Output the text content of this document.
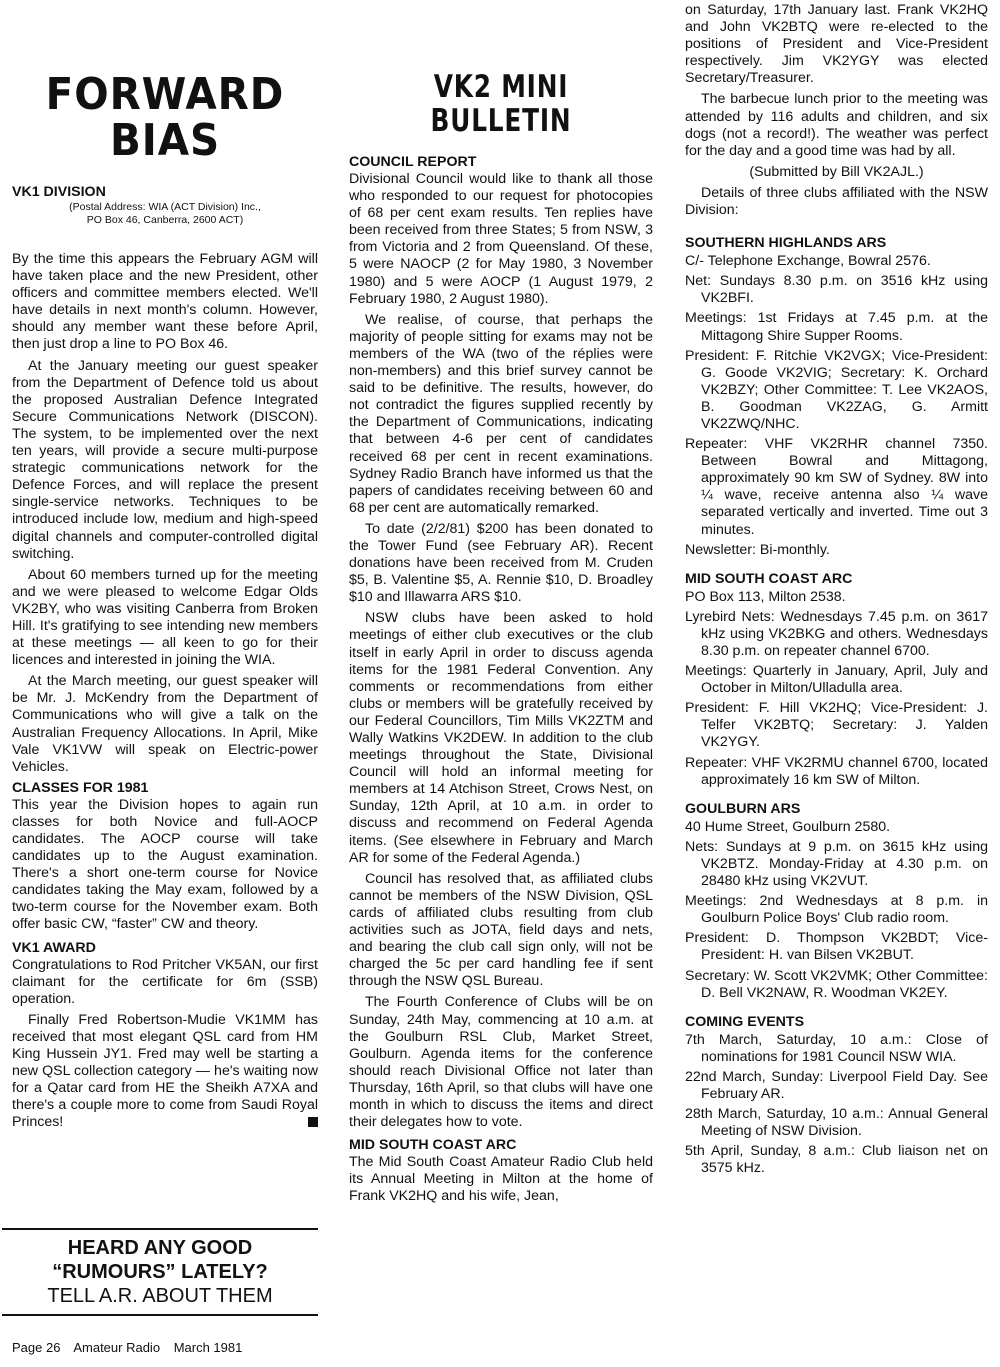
FORWARD
BIAS
VK1 DIVISION

(Postal Address: WIA (ACT Division) Inc.,

PO Box 46, Canberra, 2600 ACT)

By the time this appears the February AGM will have taken place and the new President, other officers and committee members elected. We'll have details in next month's column. However, should any member want these before April, then just drop a line to PO Box 46.

At the January meeting our guest speaker from the Department of Defence told us about the proposed Australian Defence Integrated Secure Communications Network (DISCON). The system, to be implemented over the next ten years, will provide a secure multi-purpose strategic communications network for the Defence Forces, and will replace the present single-service networks. Techniques to be introduced include low, medium and high-speed digital channels and computer-controlled digital switching.

About 60 members turned up for the meeting and we were pleased to welcome Edgar Olds VK2BY, who was visiting Canberra from Broken Hill. It's gratifying to see intending new members at these meetings — all keen to go for their licences and interested in joining the WIA.

At the March meeting, our guest speaker will be Mr. J. McKendry from the Department of Communications who will give a talk on the Australian Frequency Allocations. In April, Mike Vale VK1VW will speak on Electric-power Vehicles.

CLASSES FOR 1981

This year the Division hopes to again run classes for both Novice and full-AOCP candidates. The AOCP course will take candidates up to the August examination. There's a short one-term course for Novice candidates taking the May exam, followed by a two-term course for the November exam. Both offer basic CW, “faster” CW and theory.

VK1 AWARD

Congratulations to Rod Pritcher VK5AN, our first claimant for the certificate for 6m (SSB) operation.

Finally Fred Robertson-Mudie VK1MM has received that most elegant QSL card from HM King Hussein JY1. Fred may well be starting a new QSL collection category — he's waiting now for a Qatar card from HE the Sheikh A7XA and there's a couple more to come from Saudi Royal Princes!

HEARD ANY GOOD
“RUMOURS” LATELY?
TELL A.R. ABOUT THEM
VK2 MINI BULLETIN
COUNCIL REPORT

Divisional Council would like to thank all those who responded to our request for photocopies of 68 per cent exam results. Ten replies have been received from three States; 5 from NSW, 3 from Victoria and 2 from Queensland. Of these, 5 were NAOCP (2 for May 1980, 3 November 1980) and 5 were AOCP (1 August 1979, 2 February 1980, 2 August 1980).

We realise, of course, that perhaps the majority of people sitting for exams may not be members of the WA (two of the réplies were non-members) and this brief survey cannot be said to be definitive. The results, however, do not contradict the figures supplied recently by the Department of Communications, indicating that between 4-6 per cent of candidates received 68 per cent in recent examinations. Sydney Radio Branch have informed us that the papers of candidates receiving between 60 and 68 per cent are automatically remarked.

To date (2/2/81) $200 has been donated to the Tower Fund (see February AR). Recent donations have been received from M. Cruden $5, B. Valentine $5, A. Rennie $10, D. Broadley $10 and Illawarra ARS $10.

NSW clubs have been asked to hold meetings of either club executives or the club itself in early April in order to discuss agenda items for the 1981 Federal Convention. Any comments or recommendations from either clubs or members will be gratefully received by our Federal Councillors, Tim Mills VK2ZTM and Wally Watkins VK2DEW. In addition to the club meetings throughout the State, Divisional Council will hold an informal meeting for members at 14 Atchison Street, Crows Nest, on Sunday, 12th April, at 10 a.m. in order to discuss and recommend on Federal Agenda items. (See elsewhere in February and March AR for some of the Federal Agenda.)

Council has resolved that, as affiliated clubs cannot be members of the NSW Division, QSL cards of affiliated clubs resulting from club activities such as JOTA, field days and nets, and bearing the club call sign only, will not be charged the 5c per card handling fee if sent through the NSW QSL Bureau.

The Fourth Conference of Clubs will be on Sunday, 24th May, commencing at 10 a.m. at the Goulburn RSL Club, Market Street, Goulburn. Agenda items for the conference should reach Divisional Office not later than Thursday, 16th April, so that clubs will have one month in which to discuss the items and direct their delegates how to vote.

MID SOUTH COAST ARC

The Mid South Coast Amateur Radio Club held its Annual Meeting in Milton at the home of Frank VK2HQ and his wife, Jean,

on Saturday, 17th January last. Frank VK2HQ and John VK2BTQ were re-elected to the positions of President and Vice-President respectively. Jim VK2YGY was elected Secretary/Treasurer.

The barbecue lunch prior to the meeting was attended by 116 adults and children, and six dogs (not a record!). The weather was perfect for the day and a good time was had by all.

(Submitted by Bill VK2AJL.)

Details of three clubs affiliated with the NSW Division:

SOUTHERN HIGHLANDS ARS
C/- Telephone Exchange, Bowral 2576.
Net: Sundays 8.30 p.m. on 3516 kHz using VK2BFI.
Meetings: 1st Fridays at 7.45 p.m. at the Mittagong Shire Supper Rooms.
President: F. Ritchie VK2VGX; Vice-President: G. Goode VK2VIG; Secretary: K. Orchard VK2BZY; Other Committee: T. Lee VK2AOS, B. Goodman VK2ZAG, G. Armitt VK2ZWQ/NHC.
Repeater: VHF VK2RHR channel 7350. Between Bowral and Mittagong, approximately 90 km SW of Sydney. 8W into ¼ wave, receive antenna also ¼ wave separated vertically and inverted. Time out 3 minutes.
Newsletter: Bi-monthly.
MID SOUTH COAST ARC
PO Box 113, Milton 2538.
Lyrebird Nets: Wednesdays 7.45 p.m. on 3617 kHz using VK2BKG and others. Wednesdays 8.30 p.m. on repeater channel 6700.
Meetings: Quarterly in January, April, July and October in Milton/Ulladulla area.
President: F. Hill VK2HQ; Vice-President: J. Telfer VK2BTQ; Secretary: J. Yalden VK2YGY.
Repeater: VHF VK2RMU channel 6700, located approximately 16 km SW of Milton.
GOULBURN ARS
40 Hume Street, Goulburn 2580.
Nets: Sundays at 9 p.m. on 3615 kHz using VK2BTZ. Monday-Friday at 4.30 p.m. on 28480 kHz using VK2VUT.
Meetings: 2nd Wednesdays at 8 p.m. in Goulburn Police Boys' Club radio room.
President: D. Thompson VK2BDT; Vice-President: H. van Bilsen VK2BUT.
Secretary: W. Scott VK2VMK; Other Committee: D. Bell VK2NAW, R. Woodman VK2EY.
COMING EVENTS
7th March, Saturday, 10 a.m.: Close of nominations for 1981 Council NSW WIA.
22nd March, Sunday: Liverpool Field Day. See February AR.
28th March, Saturday, 10 a.m.: Annual General Meeting of NSW Division.
5th April, Sunday, 8 a.m.: Club liaison net on 3575 kHz.
Page 26 Amateur Radio March 1981
